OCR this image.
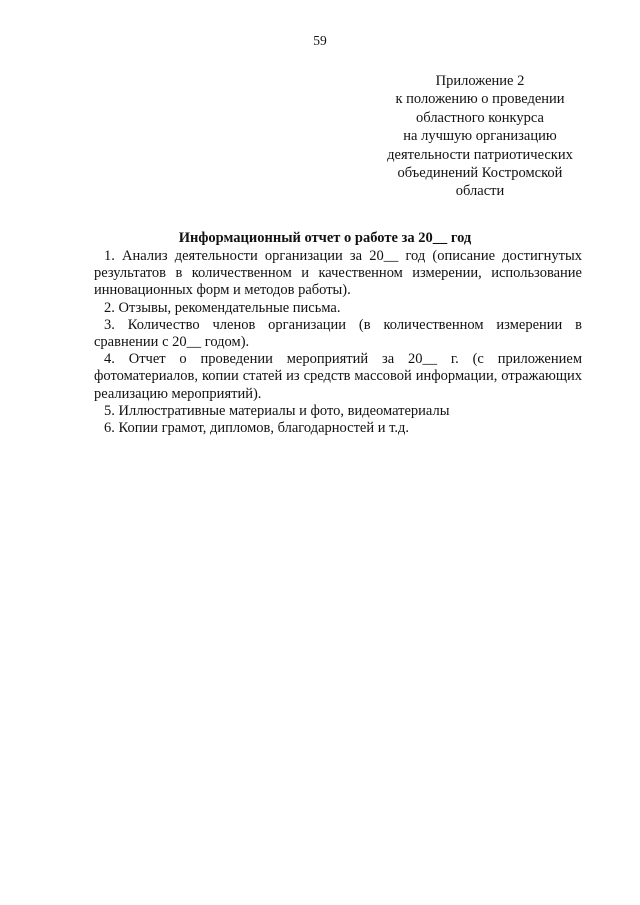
59
Приложение 2
к положению о проведении
областного конкурса
на лучшую организацию
деятельности патриотических
объединений Костромской
области
Информационный отчет о работе за 20__ год
1. Анализ деятельности организации за 20__ год (описание достигнутых
результатов в количественном и качественном измерении, использование
инновационных форм и методов работы).
2. Отзывы, рекомендательные письма.
3. Количество членов организации (в количественном измерении в
сравнении с 20__ годом).
4. Отчет о проведении мероприятий за 20__ г. (с приложением
фотоматериалов, копии статей из средств массовой информации, отражающих
реализацию мероприятий).
5. Иллюстративные материалы и фото, видеоматериалы
6. Копии грамот, дипломов, благодарностей и т.д.
